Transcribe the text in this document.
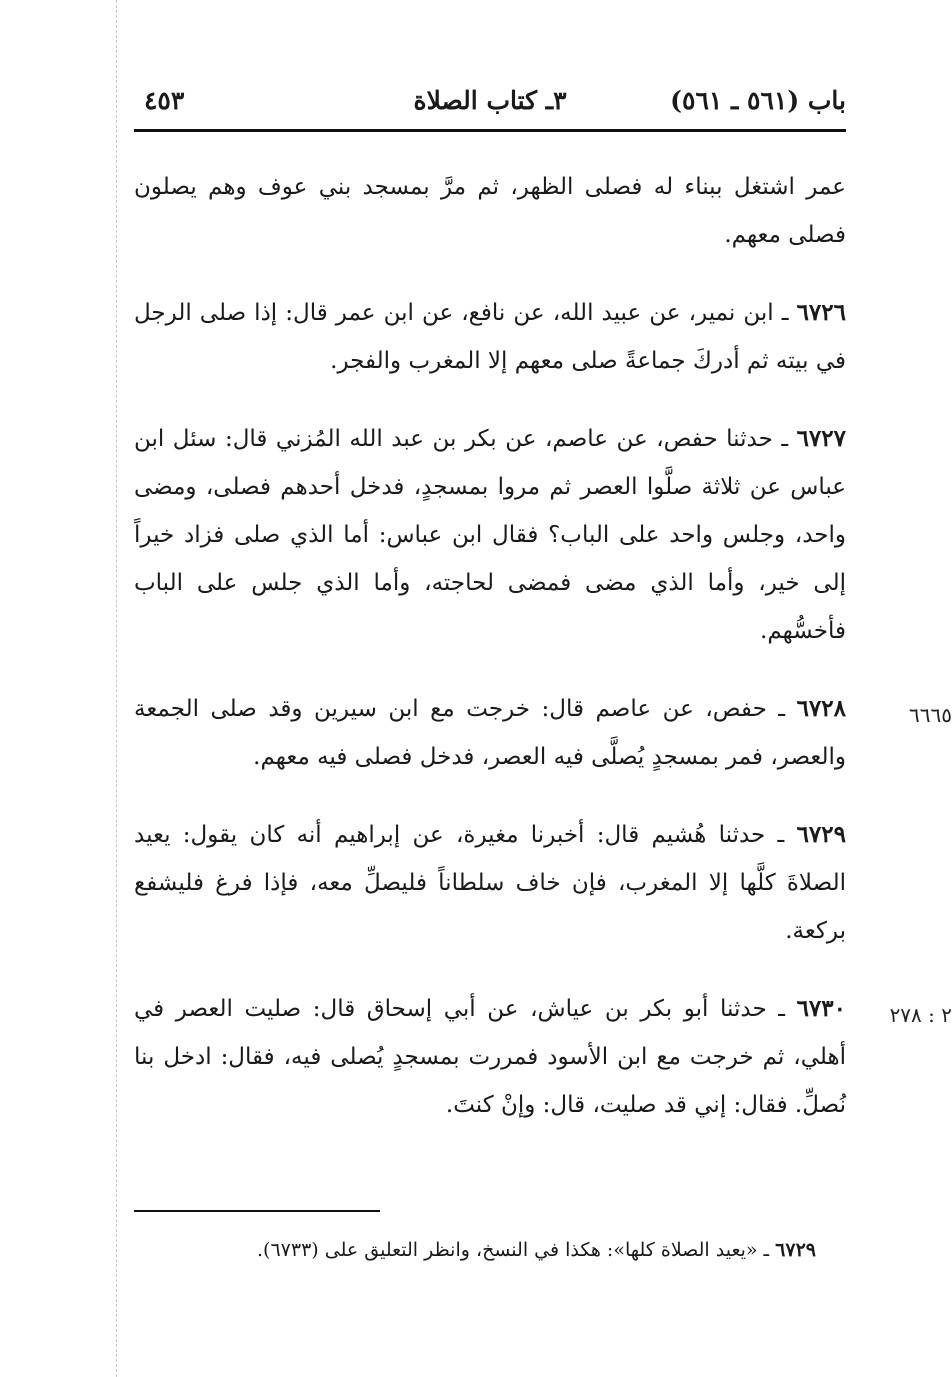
باب (٥٦١ ـ ٥٦١)
٣ـ كتاب الصلاة
٤٥٣

عمر اشتغل ببناء له فصلى الظهر، ثم مرَّ بمسجد بني عوف وهم يصلون فصلى معهم.

٦٧٢٦ ـ ابن نمير، عن عبيد الله، عن نافع، عن ابن عمر قال: إذا صلى الرجل في بيته ثم أدركَ جماعةً صلى معهم إلا المغرب والفجر.

٦٧٢٧ ـ حدثنا حفص، عن عاصم، عن بكر بن عبد الله المُزني قال: سئل ابن عباس عن ثلاثة صلَّوا العصر ثم مروا بمسجدٍ، فدخل أحدهم فصلى، ومضى واحد، وجلس واحد على الباب؟ فقال ابن عباس: أما الذي صلى فزاد خيراً إلى خير، وأما الذي مضى فمضى لحاجته، وأما الذي جلس على الباب فأخسُّهم.

٦٦٦٥

٦٧٢٨ ـ حفص، عن عاصم قال: خرجت مع ابن سيرين وقد صلى الجمعة والعصر، فمر بمسجدٍ يُصلَّى فيه العصر، فدخل فصلى فيه معهم.

٦٧٢٩ ـ حدثنا هُشيم قال: أخبرنا مغيرة، عن إبراهيم أنه كان يقول: يعيد الصلاةَ كلَّها إلا المغرب، فإن خاف سلطاناً فليصلِّ معه، فإذا فرغ فليشفع بركعة.

٢ : ٢٧٨

٦٧٣٠ ـ حدثنا أبو بكر بن عياش، عن أبي إسحاق قال: صليت العصر في أهلي، ثم خرجت مع ابن الأسود فمررت بمسجدٍ يُصلى فيه، فقال: ادخل بنا نُصلِّ. فقال: إني قد صليت، قال: وإنْ كنتَ.

٦٧٢٩ ـ «يعيد الصلاة كلها»: هكذا في النسخ، وانظر التعليق على (٦٧٣٣).
